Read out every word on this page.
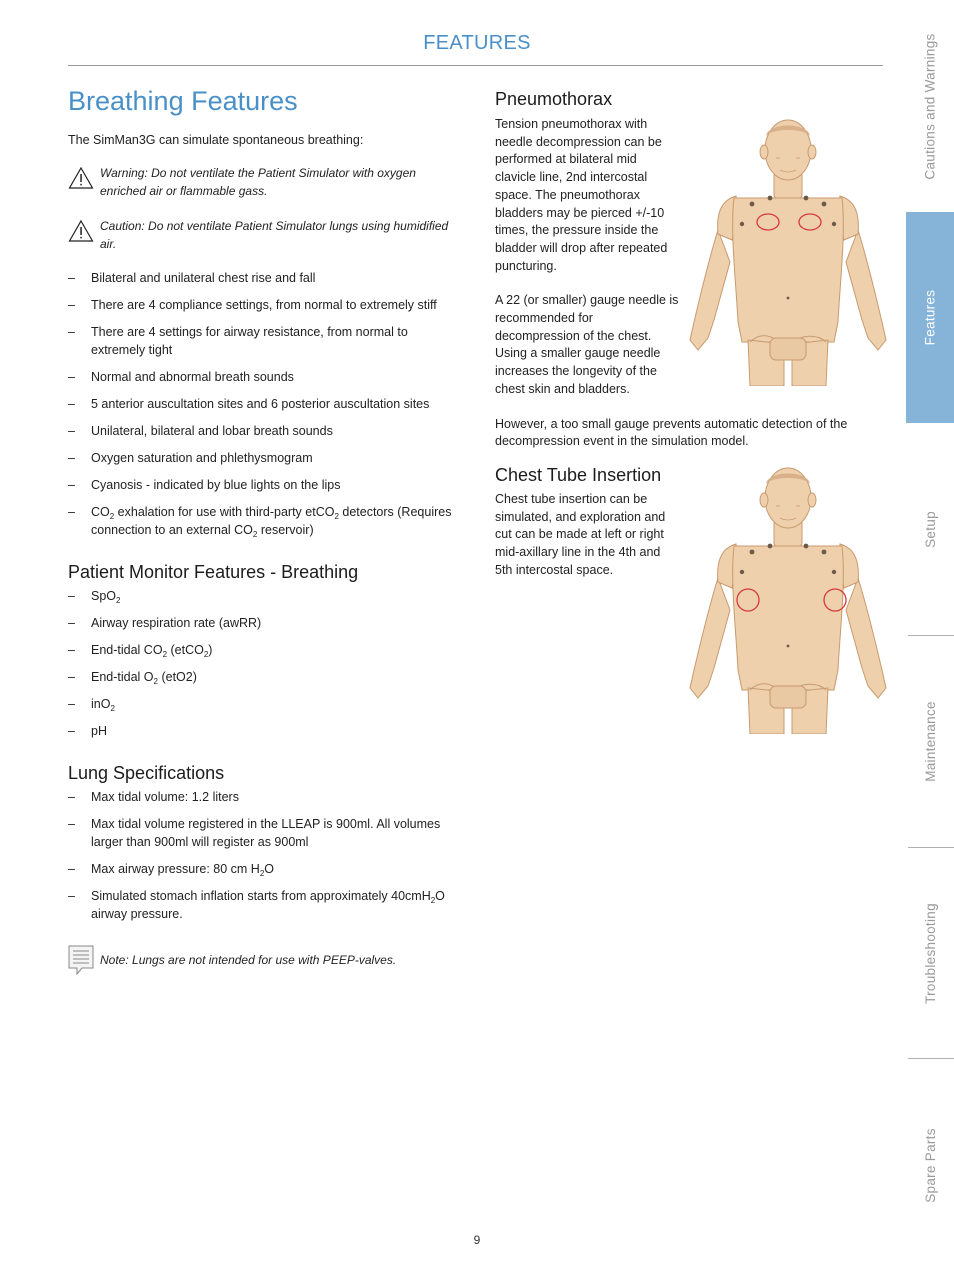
FEATURES
Breathing Features

The SimMan3G can simulate spontaneous breathing:

Warning: Do not ventilate the Patient Simulator with oxygen enriched air or flammable gass.
Caution: Do not ventilate Patient Simulator lungs using humidified air.
– Bilateral and unilateral chest rise and fall
– There are 4 compliance settings, from normal to extremely stiff
– There are 4 settings for airway resistance, from normal to extremely tight
– Normal and abnormal breath sounds
– 5 anterior auscultation sites and 6 posterior auscultation sites
– Unilateral, bilateral and lobar breath sounds
– Oxygen saturation and phlethysmogram
– Cyanosis - indicated by blue lights on the lips
– $CO_2$ exhalation for use with third-party etCO$_2$ detectors (Requires connection to an external $CO_2$ reservoir)
Patient Monitor Features - Breathing
– SpO$_2$
– Airway respiration rate (awRR)
– End-tidal $CO_2$ (etCO$_2$)
– End-tidal $O_2$ (etO2)
– inO$_2$
– pH
Lung Specifications
– Max tidal volume: 1.2 liters
– Max tidal volume registered in the LLEAP is 900ml. All volumes larger than 900ml will register as 900ml
– Max airway pressure: 80 cm $H_2O$
– Simulated stomach inflation starts from approximately 40cmH$_2$O airway pressure.
Note: Lungs are not intended for use with PEEP-valves.
Pneumothorax

Tension pneumothorax with needle decompression can be performed at bilateral mid clavicle line, 2nd intercostal space. The pneumothorax bladders may be pierced +/-10 times, the pressure inside the bladder will drop after repeated puncturing.

A 22 (or smaller) gauge needle is recommended for decompression of the chest. Using a smaller gauge needle increases the longevity of the chest skin and bladders.

However, a too small gauge prevents automatic detection of the decompression event in the simulation model.

Chest Tube Insertion

Chest tube insertion can be simulated, and exploration and cut can be made at left or right mid-axillary line in the 4th and 5th intercostal space.

Cautions and Warnings
Features
Setup
Maintenance
Troubleshooting
Spare Parts
9
